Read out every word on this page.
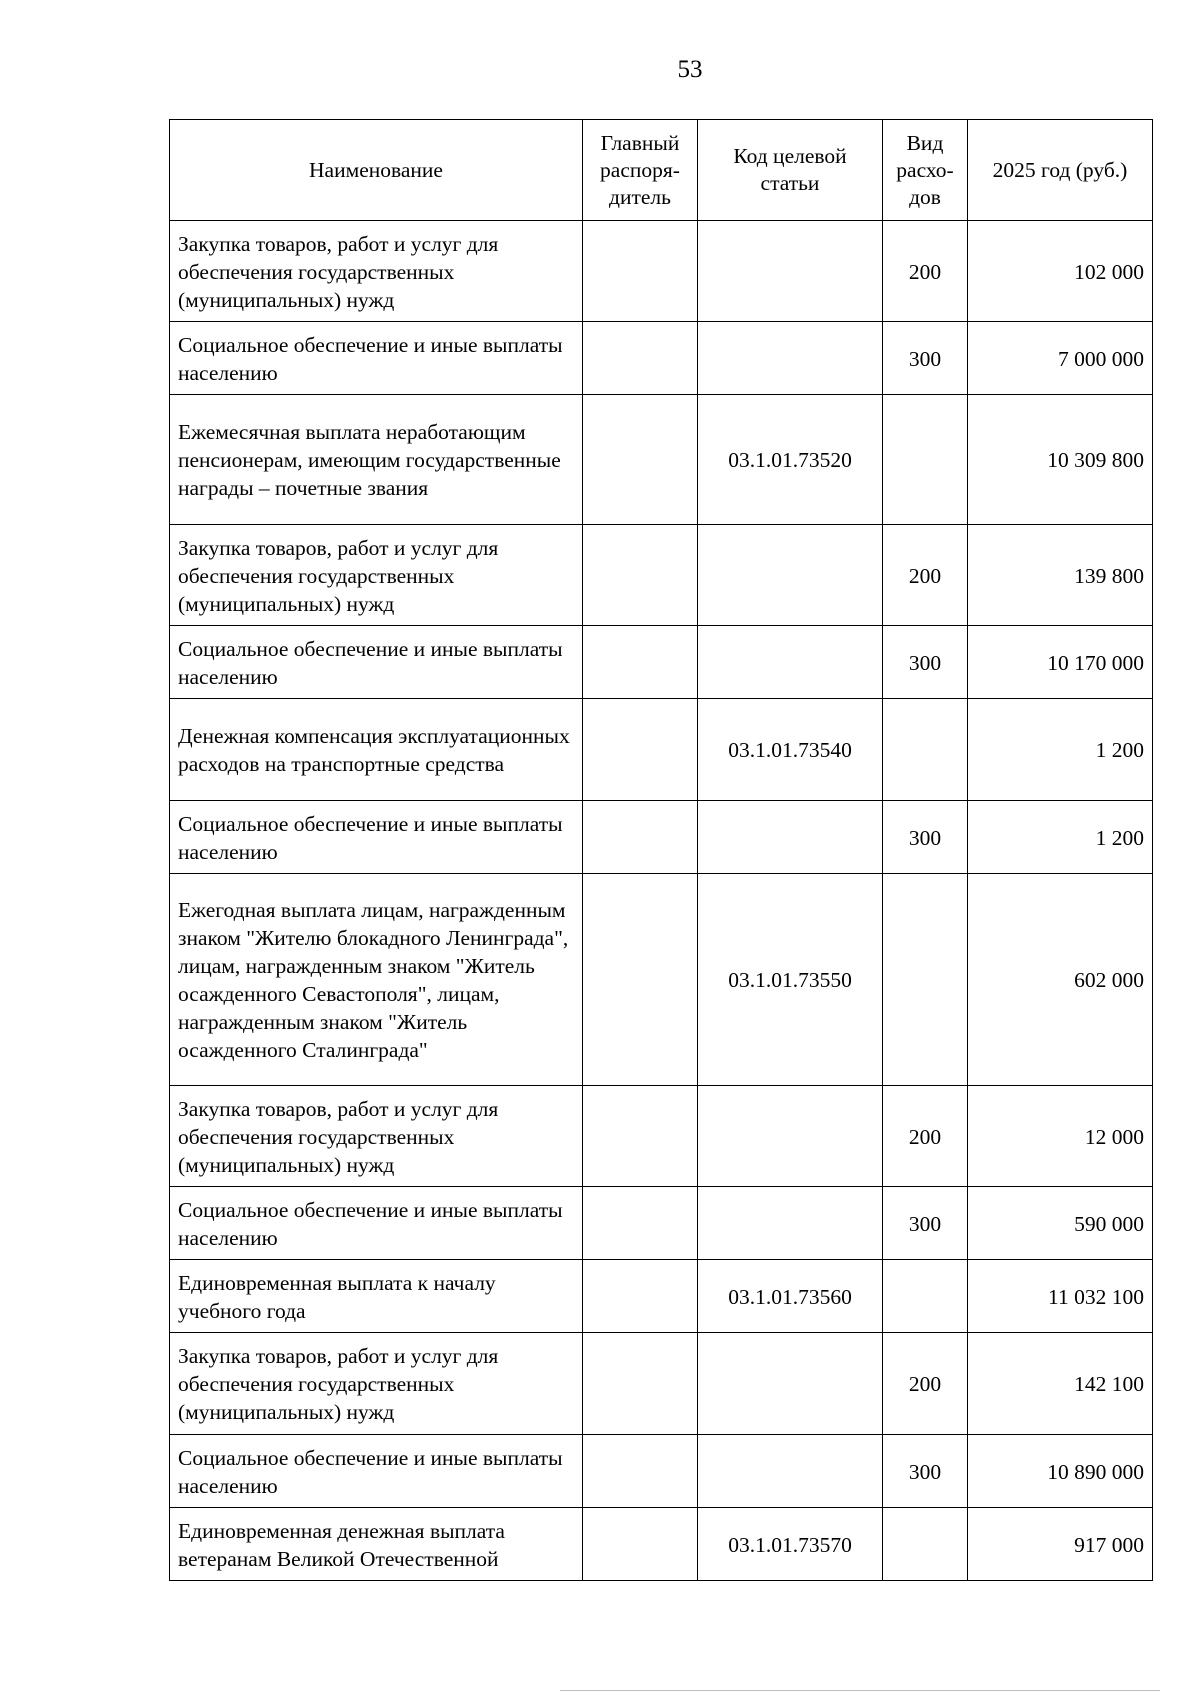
53
Наименование	Главный распоря-дитель	Код целевой статьи	Вид расхо-дов	2025 год (руб.)
Закупка товаров, работ и услуг для обеспечения государственных (муниципальных) нужд			200	102 000
Социальное обеспечение и иные выплаты населению			300	7 000 000
Ежемесячная выплата неработающим пенсионерам, имеющим государственные награды – почетные звания		03.1.01.73520		10 309 800
Закупка товаров, работ и услуг для обеспечения государственных (муниципальных) нужд			200	139 800
Социальное обеспечение и иные выплаты населению			300	10 170 000
Денежная компенсация эксплуатационных расходов на транспортные средства		03.1.01.73540		1 200
Социальное обеспечение и иные выплаты населению			300	1 200
Ежегодная выплата лицам, награжденным знаком "Жителю блокадного Ленинграда", лицам, награжденным знаком "Житель осажденного Севастополя", лицам, награжденным знаком "Житель осажденного Сталинграда"		03.1.01.73550		602 000
Закупка товаров, работ и услуг для обеспечения государственных (муниципальных) нужд			200	12 000
Социальное обеспечение и иные выплаты населению			300	590 000
Единовременная выплата к началу учебного года		03.1.01.73560		11 032 100
Закупка товаров, работ и услуг для обеспечения государственных (муниципальных) нужд			200	142 100
Социальное обеспечение и иные выплаты населению			300	10 890 000
Единовременная денежная выплата ветеранам Великой Отечественной		03.1.01.73570		917 000
